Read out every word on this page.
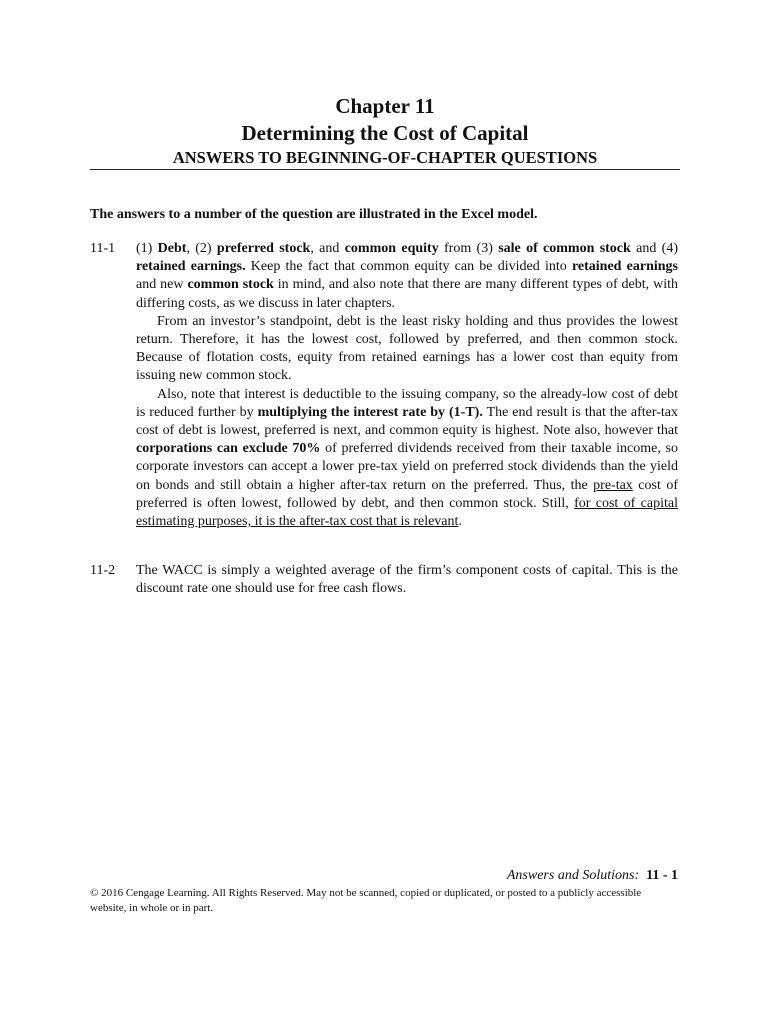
Chapter 11
Determining the Cost of Capital
ANSWERS TO BEGINNING-OF-CHAPTER QUESTIONS
The answers to a number of the question are illustrated in the Excel model.
11-1 (1) Debt, (2) preferred stock, and common equity from (3) sale of common stock and (4) retained earnings. Keep the fact that common equity can be divided into retained earnings and new common stock in mind, and also note that there are many different types of debt, with differing costs, as we discuss in later chapters.

From an investor’s standpoint, debt is the least risky holding and thus provides the lowest return. Therefore, it has the lowest cost, followed by preferred, and then common stock. Because of flotation costs, equity from retained earnings has a lower cost than equity from issuing new common stock.

Also, note that interest is deductible to the issuing company, so the already-low cost of debt is reduced further by multiplying the interest rate by (1-T). The end result is that the after-tax cost of debt is lowest, preferred is next, and common equity is highest. Note also, however that corporations can exclude 70% of preferred dividends received from their taxable income, so corporate investors can accept a lower pre-tax yield on preferred stock dividends than the yield on bonds and still obtain a higher after-tax return on the preferred. Thus, the pre-tax cost of preferred is often lowest, followed by debt, and then common stock. Still, for cost of capital estimating purposes, it is the after-tax cost that is relevant.

11-2 The WACC is simply a weighted average of the firm’s component costs of capital. This is the discount rate one should use for free cash flows.
Answers and Solutions: 11 - 1
© 2016 Cengage Learning. All Rights Reserved. May not be scanned, copied or duplicated, or posted to a publicly accessible website, in whole or in part.
